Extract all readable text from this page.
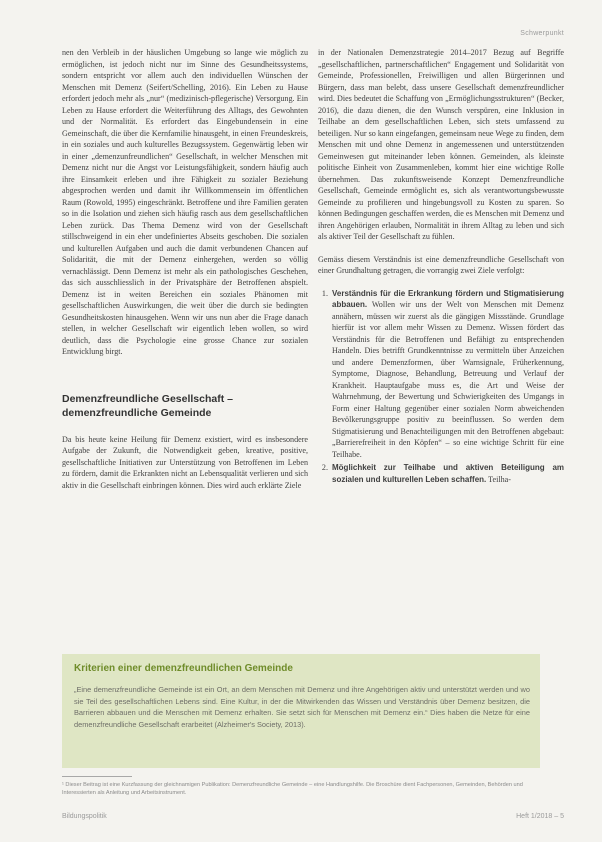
Schwerpunkt

nen den Verbleib in der häuslichen Umgebung so lange wie möglich zu ermöglichen, ist jedoch nicht nur im Sinne des Gesundheitssystems, sondern entspricht vor allem auch den individuellen Wünschen der Menschen mit Demenz (Seifert/Schelling, 2016). Ein Leben zu Hause erfordert jedoch mehr als „nur“ (medizinisch-pflegerische) Versorgung. Ein Leben zu Hause erfordert die Weiterführung des Alltags, des Gewohnten und der Normalität. Es erfordert das Eingebundensein in eine Gemeinschaft, die über die Kernfamilie hinausgeht, in einen Freundeskreis, in ein soziales und auch kulturelles Bezugssystem. Gegenwärtig leben wir in einer „demenzunfreundlichen“ Gesellschaft, in welcher Menschen mit Demenz nicht nur die Angst vor Leistungsfähigkeit, sondern häufig auch ihre Einsamkeit erleben und ihre Fähigkeit zu sozialer Beziehung abgesprochen werden und damit ihr Willkommensein im öffentlichen Raum (Rowold, 1995) eingeschränkt. Betroffene und ihre Familien geraten so in die Isolation und ziehen sich häufig rasch aus dem gesellschaftlichen Leben zurück. Das Thema Demenz wird von der Gesellschaft stillschweigend in ein eher undefiniertes Abseits geschoben. Die sozialen und kulturellen Aufgaben und auch die damit verbundenen Chancen auf Solidarität, die mit der Demenz einhergehen, werden so völlig vernachlässigt. Denn Demenz ist mehr als ein pathologisches Geschehen, das sich ausschliesslich in der Privatsphäre der Betroffenen abspielt. Demenz ist in weiten Bereichen ein soziales Phänomen mit gesellschaftlichen Auswirkungen, die weit über die durch sie bedingten Gesundheitskosten hinausgehen. Wenn wir uns nun aber die Frage danach stellen, in welcher Gesellschaft wir eigentlich leben wollen, so wird deutlich, dass die Psychologie eine grosse Chance zur sozialen Entwicklung birgt.

Demenzfreundliche Gesellschaft – demenzfreundliche Gemeinde

Da bis heute keine Heilung für Demenz existiert, wird es insbesondere Aufgabe der Zukunft, die Notwendigkeit geben, kreative, positive, gesellschaftliche Initiativen zur Unterstützung von Betroffenen im Leben zu fördern, damit die Erkrankten nicht an Lebensqualität verlieren und sich aktiv in die Gesellschaft einbringen können. Dies wird auch erklärte Ziele

in der Nationalen Demenzstrategie 2014–2017 Bezug auf Begriffe „gesellschaftlichen, partnerschaftlichen“ Engagement und Solidarität von Gemeinde, Professionellen, Freiwilligen und allen Bürgerinnen und Bürgern, dass man belebt, dass unsere Gesellschaft demenzfreundlicher wird. Dies bedeutet die Schaffung von „Ermöglichungsstrukturen“ (Becker, 2016), die dazu dienen, die den Wunsch verspüren, eine Inklusion in Teilhabe an dem gesellschaftlichen Leben, sich stets umfassend zu beteiligen. Nur so kann eingefangen, gemeinsam neue Wege zu finden, dem Menschen mit und ohne Demenz in angemessenen und unterstützenden Gemeinwesen gut miteinander leben können. Gemeinden, als kleinste politische Einheit von Zusammenleben, kommt hier eine wichtige Rolle übernehmen. Das zukunftsweisende Konzept Demenzfreundliche Gesellschaft, Gemeinde ermöglicht es, sich als verantwortungsbewusste Gemeinde zu profilieren und hingebungsvoll zu Kosten zu sparen. So können Bedingungen geschaffen werden, die es Menschen mit Demenz und ihren Angehörigen erlauben, Normalität in ihrem Alltag zu leben und sich als aktiver Teil der Gesellschaft zu fühlen.

Gemäss diesem Verständnis ist eine demenzfreundliche Gesellschaft von einer Grundhaltung getragen, die vorrangig zwei Ziele verfolgt:

1. Verständnis für die Erkrankung fördern und Stigmatisierung abbauen. Wollen wir uns der Welt von Menschen mit Demenz annähern, müssen wir zuerst als die gängigen Missstände. Grundlage hierfür ist vor allem mehr Wissen zu Demenz. Wissen fördert das Verständnis für die Betroffenen und Befähigt zu entsprechenden Handeln. Dies betrifft Grundkenntnisse zu vermitteln über Anzeichen und andere Demenzformen, über Warnsignale, Früherkennung, Symptome, Diagnose, Behandlung, Betreuung und Verlauf der Krankheit. Hauptaufgabe muss es, die Art und Weise der Wahrnehmung, der Bewertung und Schwierigkeiten des Umgangs in Form einer Haltung gegenüber einer sozialen Norm abweichenden Bevölkerungsgruppe positiv zu beeinflussen. So werden dem Stigmatisierung und Benachteiligungen mit den Betroffenen abgebaut: „Barrierefreiheit in den Köpfen“ – so eine wichtige Schritt für eine Teilhabe.
2. Möglichkeit zur Teilhabe und aktiven Beteiligung am sozialen und kulturellen Leben schaffen. Teilha-
Kriterien einer demenzfreundlichen Gemeinde
„Eine demenzfreundliche Gemeinde ist ein Ort, an dem Menschen mit Demenz und ihre Angehörigen aktiv und unterstützt werden und wo sie Teil des gesellschaftlichen Lebens sind. Eine Kultur, in der die Mitwirkenden das Wissen und Verständnis über Demenz besitzen, die Barrieren abbauen und die Menschen mit Demenz erhalten. Sie setzt sich für Menschen mit Demenz ein.“ Dies haben die Netze für eine demenzfreundliche Gesellschaft erarbeitet (Alzheimer's Society, 2013).
¹ Dieser Beitrag ist eine Kurzfassung der gleichnamigen Publikation: Demenzfreundliche Gemeinde – eine Handlungshilfe. Die Broschüre dient Fachpersonen, Gemeinden, Behörden und Interessierten als Anleitung und Arbeitsinstrument.
Bildungspolitik	Heft 1/2018 – 5
